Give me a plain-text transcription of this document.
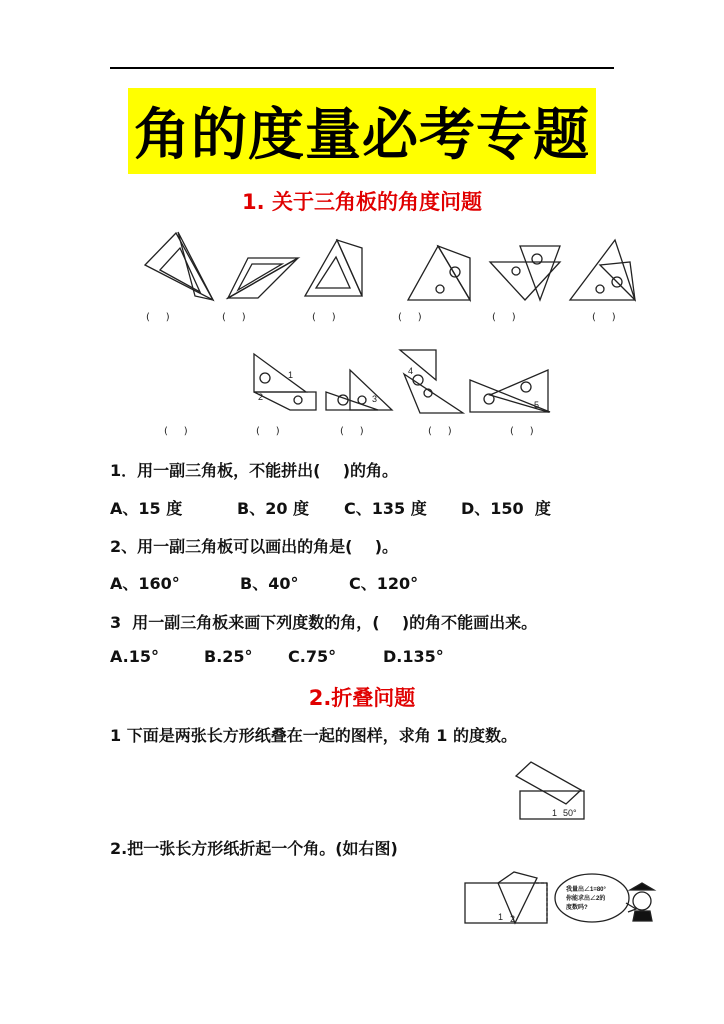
角的度量必考专题
1. 关于三角板的角度问题
1
2	3
4
5
1 50°
1 2
我量出∠1=80°
你能求出∠2的
度数吗?
(     )	(     )	(     )	(     )	(     )	(     )
(     )	(     )	(     )	(     )	(     )
1．用一副三角板，不能拼出(    )的角。
A、15 度	B、20 度 C、135 度 D、150  度
2、用一副三角板可以画出的角是(    )。
A、160°	B、40°	C、120°
3  用一副三角板来画下列度数的角，(    )的角不能画出来。
A.15°	B.25° C.75°	D.135°
2.折叠问题
1 下面是两张长方形纸叠在一起的图样，求角 1 的度数。
2.把一张长方形纸折起一个角。(如右图)
